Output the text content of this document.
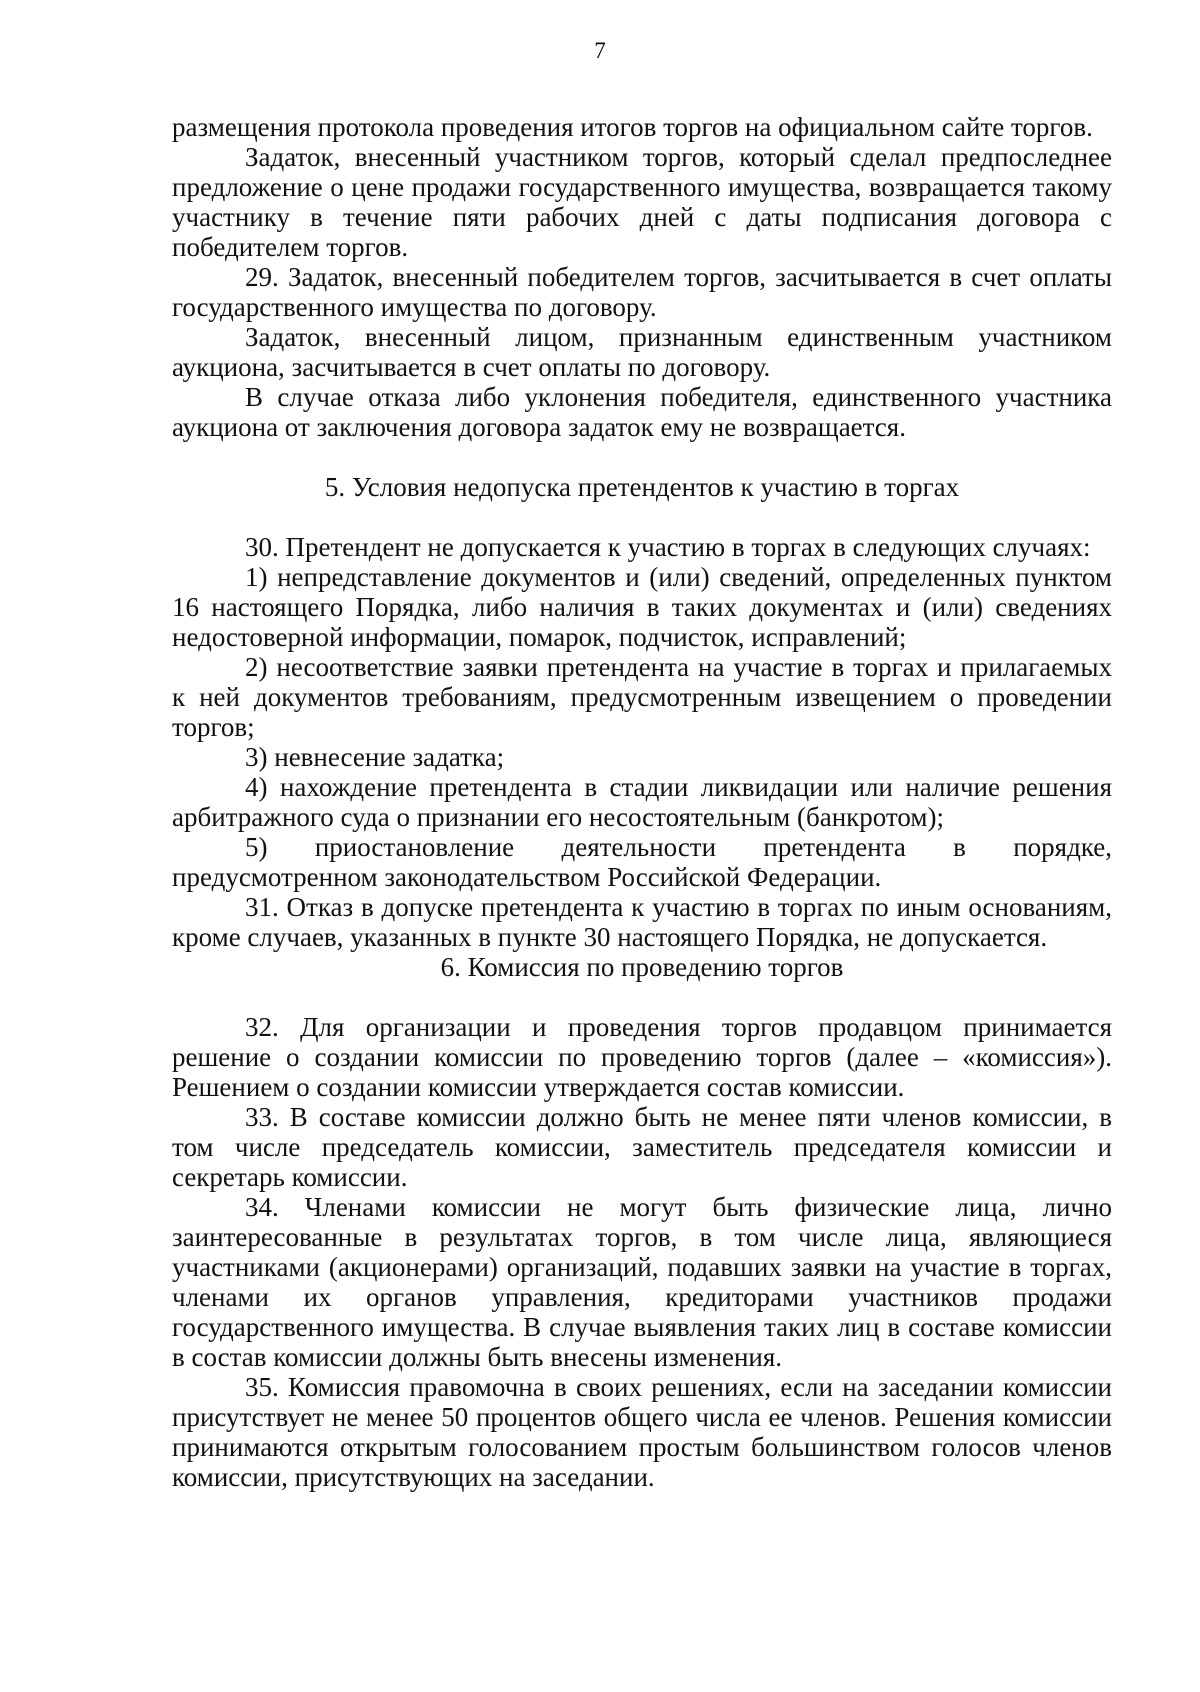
7

размещения протокола проведения итогов торгов на официальном сайте торгов.

Задаток, внесенный участником торгов, который сделал предпоследнее предложение о цене продажи государственного имущества, возвращается такому участнику в течение пяти рабочих дней с даты подписания договора с победителем торгов.

29. Задаток, внесенный победителем торгов, засчитывается в счет оплаты государственного имущества по договору.

Задаток, внесенный лицом, признанным единственным участником аукциона, засчитывается в счет оплаты по договору.

В случае отказа либо уклонения победителя, единственного участника аукциона от заключения договора задаток ему не возвращается.

5. Условия недопуска претендентов к участию в торгах

30. Претендент не допускается к участию в торгах в следующих случаях:

1) непредставление документов и (или) сведений, определенных пунктом 16 настоящего Порядка, либо наличия в таких документах и (или) сведениях недостоверной информации, помарок, подчисток, исправлений;

2) несоответствие заявки претендента на участие в торгах и прилагаемых к ней документов требованиям, предусмотренным извещением о проведении торгов;

3) невнесение задатка;

4) нахождение претендента в стадии ликвидации или наличие решения арбитражного суда о признании его несостоятельным (банкротом);

5) приостановление деятельности претендента в порядке, предусмотренном законодательством Российской Федерации.

31. Отказ в допуске претендента к участию в торгах по иным основаниям, кроме случаев, указанных в пункте 30 настоящего Порядка, не допускается.

6. Комиссия по проведению торгов

32. Для организации и проведения торгов продавцом принимается решение о создании комиссии по проведению торгов (далее – «комиссия»). Решением о создании комиссии утверждается состав комиссии.

33. В составе комиссии должно быть не менее пяти членов комиссии, в том числе председатель комиссии, заместитель председателя комиссии и секретарь комиссии.

34. Членами комиссии не могут быть физические лица, лично заинтересованные в результатах торгов, в том числе лица, являющиеся участниками (акционерами) организаций, подавших заявки на участие в торгах, членами их органов управления, кредиторами участников продажи государственного имущества. В случае выявления таких лиц в составе комиссии в состав комиссии должны быть внесены изменения.

35. Комиссия правомочна в своих решениях, если на заседании комиссии присутствует не менее 50 процентов общего числа ее членов. Решения комиссии принимаются открытым голосованием простым большинством голосов членов комиссии, присутствующих на заседании.
